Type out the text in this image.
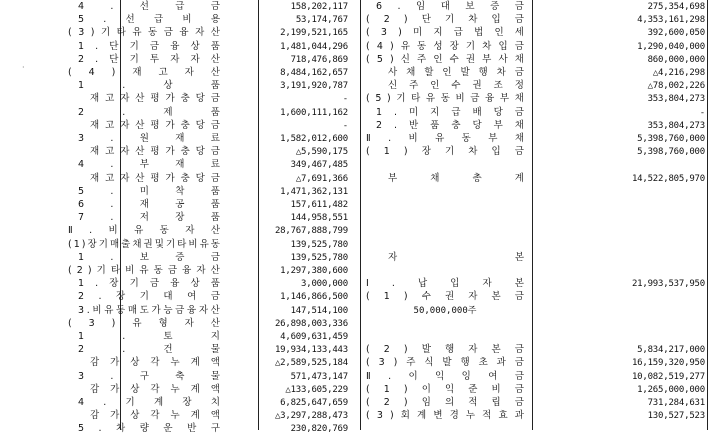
·
4	.	선	급	금	158,202,117
5 . 선 급 비 용	53,174,767
( 3 ) 기 타 유 동 금 융 자 산	2,199,521,165
1 . 단 기 금 융 상 품	1,481,044,296
2 . 단 기 투 자 자 산	718,476,869
( 4 ) 재 고 자 산	8,484,162,657
1	.	상	품	3,191,920,787
재 고 자 산 평 가 충 당 금	-
2	.	제	품	1,600,111,162
재 고 자 산 평 가 충 당 금	-
3	.	원	재	료	1,582,012,600
재 고 자 산 평 가 충 당 금	△5,590,175
4	.	부	재	료	349,467,485
재 고 자 산 평 가 충 당 금	△7,691,366
5	.	미	착	품	1,471,362,131
6	.	재	공	품	157,611,482
7	.	저	장	품	144,958,551
Ⅱ . 비 유 동 자 산	28,767,888,799
( 1 ) 장 기 매 출 채 권 및 기 타 비 유 동	139,525,780
1	.	보	증	금	139,525,780
( 2 ) 기 타 비 유 동 금 융 자 산	1,297,380,600
1 . 장 기 금 융 상 품	3,000,000
2 . 장 기 대 여 금	1,146,866,500
3 . 비 유 동 매 도 가 능 금 융 자 산	147,514,100
( 3 ) 유 형 자 산	26,898,003,336
1	.	토	지	4,609,631,459
2	.	건	물	19,934,133,443
감 가 상 각 누 계 액	△2,589,525,184
3	.	구	축	물	571,473,147
감 가 상 각 누 계 액	△133,605,229
4 . 기 계 장 치	6,825,647,659
감 가 상 각 누 계 액	△3,297,288,473
5 . 차 량 운 반 구	230,820,769
6 . 임 대 보 증 금	275,354,698
( 2 ) 단 기 차 입 금	4,353,161,298
( 3 ) 미 지 급 법 인 세	392,600,050
( 4 ) 유 동 성 장 기 차 입 금	1,290,040,000
( 5 ) 신 주 인 수 권 부 사 채	860,000,000
사 채 할 인 발 행 차 금	△4,216,298
신 주 인 수 권 조 정	△78,002,226
( 5 ) 기 타 유 동 비 금 융 부 채	353,804,273
1 . 미 지 급 배 당 금	-
2 . 반 품 충 당 부 채	353,804,273
Ⅱ . 비 유 동 부 채	5,398,760,000
( 1 ) 장 기 차 입 금	5,398,760,000
부	채	총	계	14,522,805,970
자	본
Ⅰ . 납 입 자 본	21,993,537,950
( 1 ) 수 권 자 본 금
50,000,000주
( 2 ) 발 행 자 본 금	5,834,217,000
( 3 ) 주 식 발 행 초 과 금	16,159,320,950
Ⅱ . 이 익 잉 여 금	10,082,519,277
( 1 ) 이 익 준 비 금	1,265,000,000
( 2 ) 임 의 적 립 금	731,284,631
( 3 ) 회 계 변 경 누 적 효 과	130,527,523
